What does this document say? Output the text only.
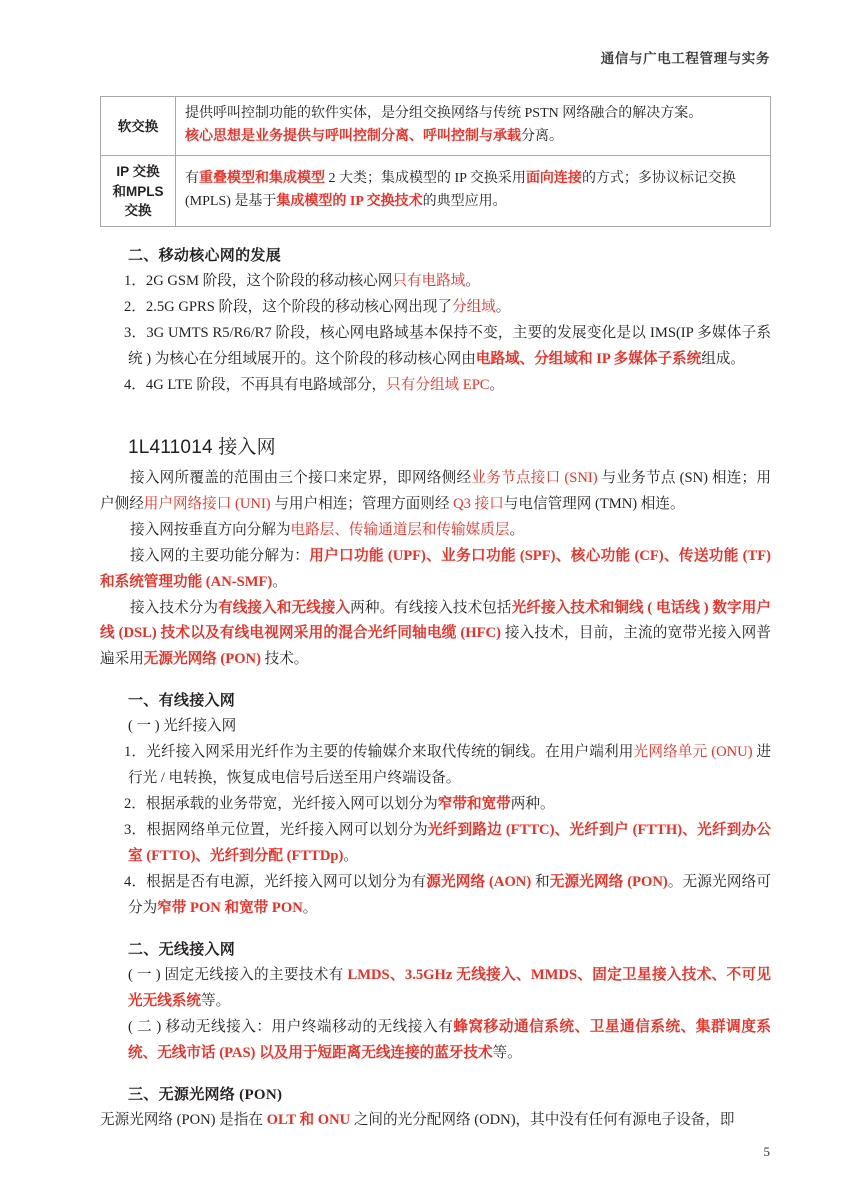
通信与广电工程管理与实务
软交换	提供呼叫控制功能的软件实体，是分组交换网络与传统 PSTN 网络融合的解决方案。

核心思想是业务提供与呼叫控制分离、呼叫控制与承载分离。

IP 交换
和MPLS
交换	有重叠模型和集成模型 2 大类；集成模型的 IP 交换采用面向连接的方式；多协议标记交换 (MPLS) 是基于集成模型的 IP 交换技术的典型应用。

二、移动核心网的发展

1．2G GSM 阶段，这个阶段的移动核心网只有电路域。

2．2.5G GPRS 阶段，这个阶段的移动核心网出现了分组域。

3．3G UMTS R5/R6/R7 阶段，核心网电路域基本保持不变，主要的发展变化是以 IMS(IP 多媒体子系统 ) 为核心在分组域展开的。这个阶段的移动核心网由电路域、分组域和 IP 多媒体子系统组成。

4．4G LTE 阶段，不再具有电路域部分，只有分组域 EPC。

1L411014 接入网

接入网所覆盖的范围由三个接口来定界，即网络侧经业务节点接口 (SNI) 与业务节点 (SN) 相连；用户侧经用户网络接口 (UNI) 与用户相连；管理方面则经 Q3 接口与电信管理网 (TMN) 相连。

接入网按垂直方向分解为电路层、传输通道层和传输媒质层。

接入网的主要功能分解为：用户口功能 (UPF)、业务口功能 (SPF)、核心功能 (CF)、传送功能 (TF) 和系统管理功能 (AN-SMF)。

接入技术分为有线接入和无线接入两种。有线接入技术包括光纤接入技术和铜线 ( 电话线 ) 数字用户线 (DSL) 技术以及有线电视网采用的混合光纤同轴电缆 (HFC) 接入技术，目前，主流的宽带光接入网普遍采用无源光网络 (PON) 技术。

一、有线接入网

( 一 ) 光纤接入网

1．光纤接入网采用光纤作为主要的传输媒介来取代传统的铜线。在用户端利用光网络单元 (ONU) 进行光 / 电转换，恢复成电信号后送至用户终端设备。

2．根据承载的业务带宽，光纤接入网可以划分为窄带和宽带两种。

3．根据网络单元位置，光纤接入网可以划分为光纤到路边 (FTTC)、光纤到户 (FTTH)、光纤到办公室 (FTTO)、光纤到分配 (FTTDp)。

4．根据是否有电源，光纤接入网可以划分为有源光网络 (AON) 和无源光网络 (PON)。无源光网络可分为窄带 PON 和宽带 PON。

二、无线接入网

( 一 ) 固定无线接入的主要技术有 LMDS、3.5GHz 无线接入、MMDS、固定卫星接入技术、不可见光无线系统等。

( 二 ) 移动无线接入：用户终端移动的无线接入有蜂窝移动通信系统、卫星通信系统、集群调度系统、无线市话 (PAS) 以及用于短距离无线连接的蓝牙技术等。

三、无源光网络 (PON)

无源光网络 (PON) 是指在 OLT 和 ONU 之间的光分配网络 (ODN)，其中没有任何有源电子设备，即

5
